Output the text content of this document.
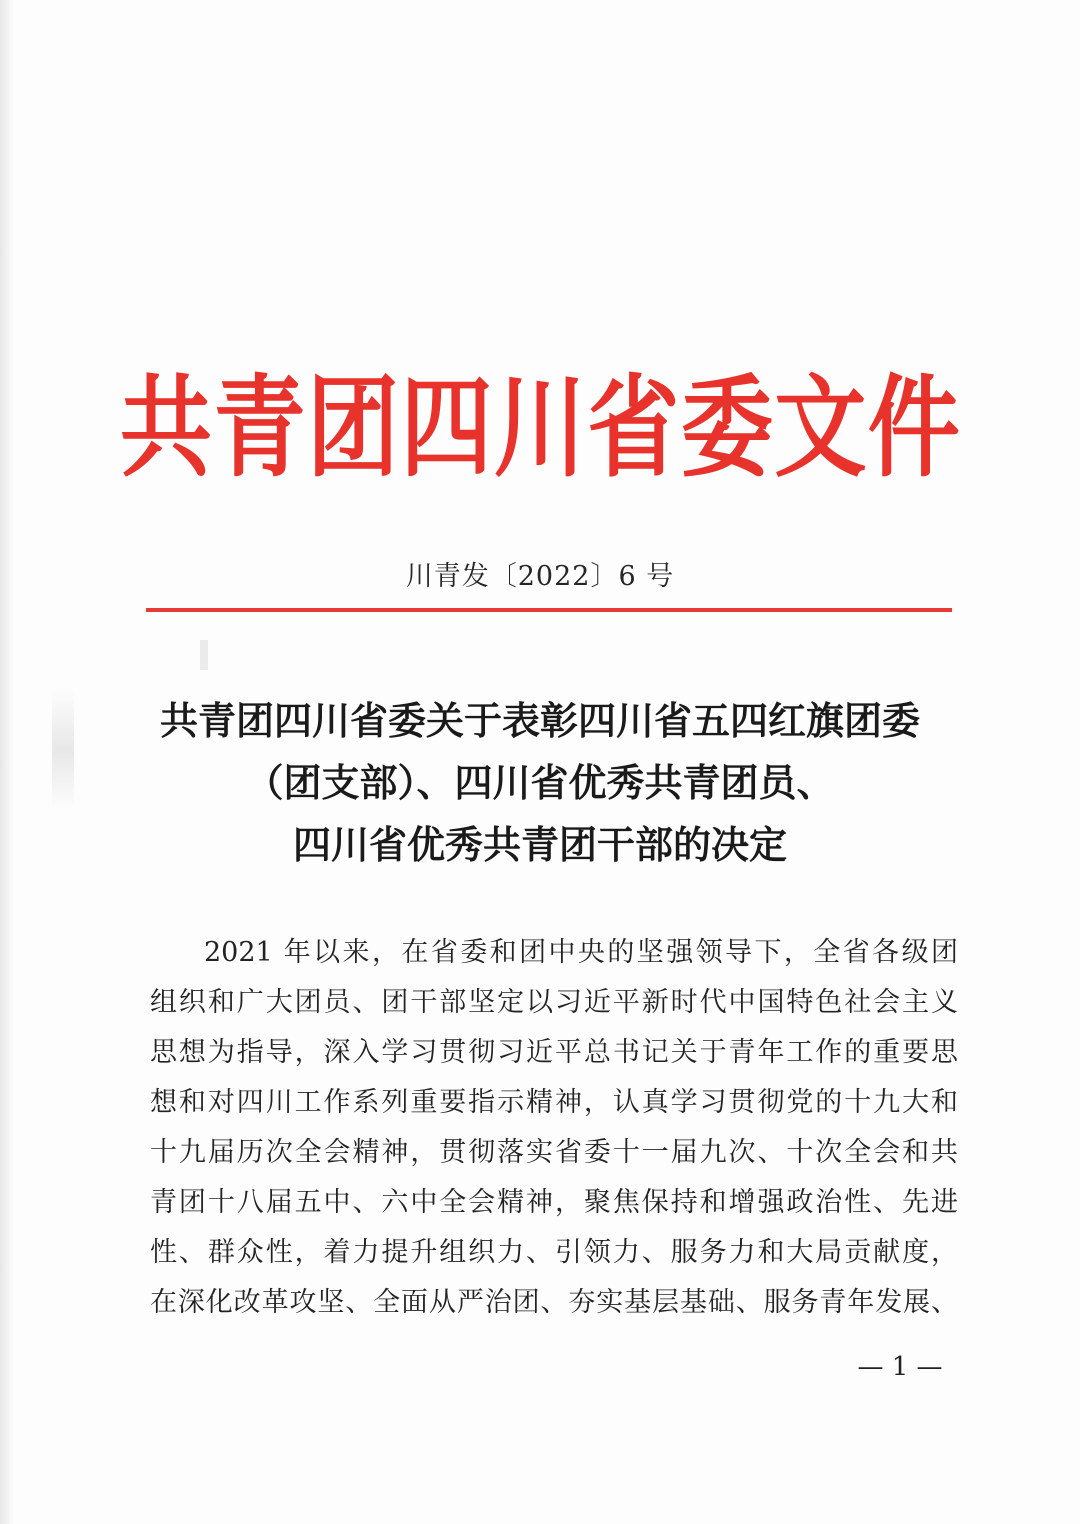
共 青 团 四 川 省 委 文 件
川青发〔2022〕6 号
共青团四川省委关于表彰四川省五四红旗团委
（团支部）、四川省优秀共青团员、
四川省优秀共青团干部的决定
2021 年以来，在省委和团中央的坚强领导下，全省各级团
组织和广大团员、团干部坚定以习近平新时代中国特色社会主义
思想为指导，深入学习贯彻习近平总书记关于青年工作的重要思
想和对四川工作系列重要指示精神，认真学习贯彻党的十九大和
十九届历次全会精神，贯彻落实省委十一届九次、十次全会和共
青团十八届五中、六中全会精神，聚焦保持和增强政治性、先进
性、群众性，着力提升组织力、引领力、服务力和大局贡献度，
在深化改革攻坚、全面从严治团、夯实基层基础、服务青年发展、
— 1 —
